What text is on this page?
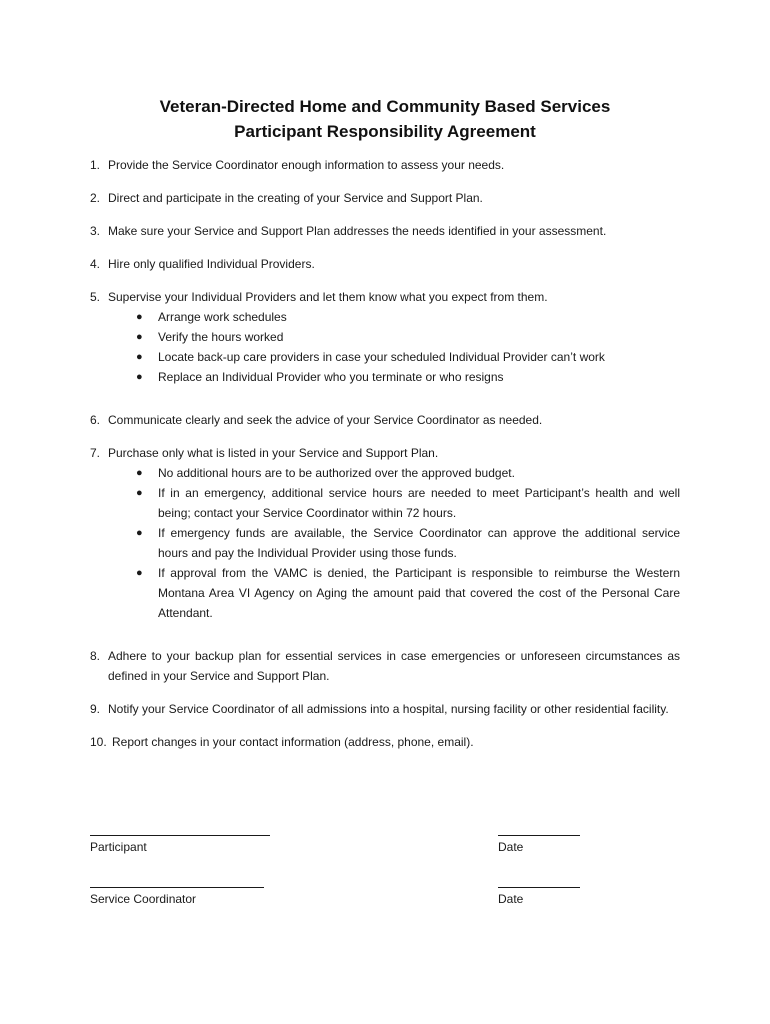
Veteran-Directed Home and Community Based Services
Participant Responsibility Agreement
1. Provide the Service Coordinator enough information to assess your needs.

2. Direct and participate in the creating of your Service and Support Plan.

3. Make sure your Service and Support Plan addresses the needs identified in your assessment.

4. Hire only qualified Individual Providers.

5. Supervise your Individual Providers and let them know what you expect from them.

● Arrange work schedules
● Verify the hours worked
● Locate back-up care providers in case your scheduled Individual Provider can’t work
● Replace an Individual Provider who you terminate or who resigns
6. Communicate clearly and seek the advice of your Service Coordinator as needed.

7. Purchase only what is listed in your Service and Support Plan.

● No additional hours are to be authorized over the approved budget.
● If in an emergency, additional service hours are needed to meet Participant’s health and well being; contact your Service Coordinator within 72 hours.
● If emergency funds are available, the Service Coordinator can approve the additional service hours and pay the Individual Provider using those funds.
● If approval from the VAMC is denied, the Participant is responsible to reimburse the Western Montana Area VI Agency on Aging the amount paid that covered the cost of the Personal Care Attendant.
8. Adhere to your backup plan for essential services in case emergencies or unforeseen circumstances as defined in your Service and Support Plan.

9. Notify your Service Coordinator of all admissions into a hospital, nursing facility or other residential facility.

10. Report changes in your contact information (address, phone, email).

Participant	Date
Service Coordinator	Date
